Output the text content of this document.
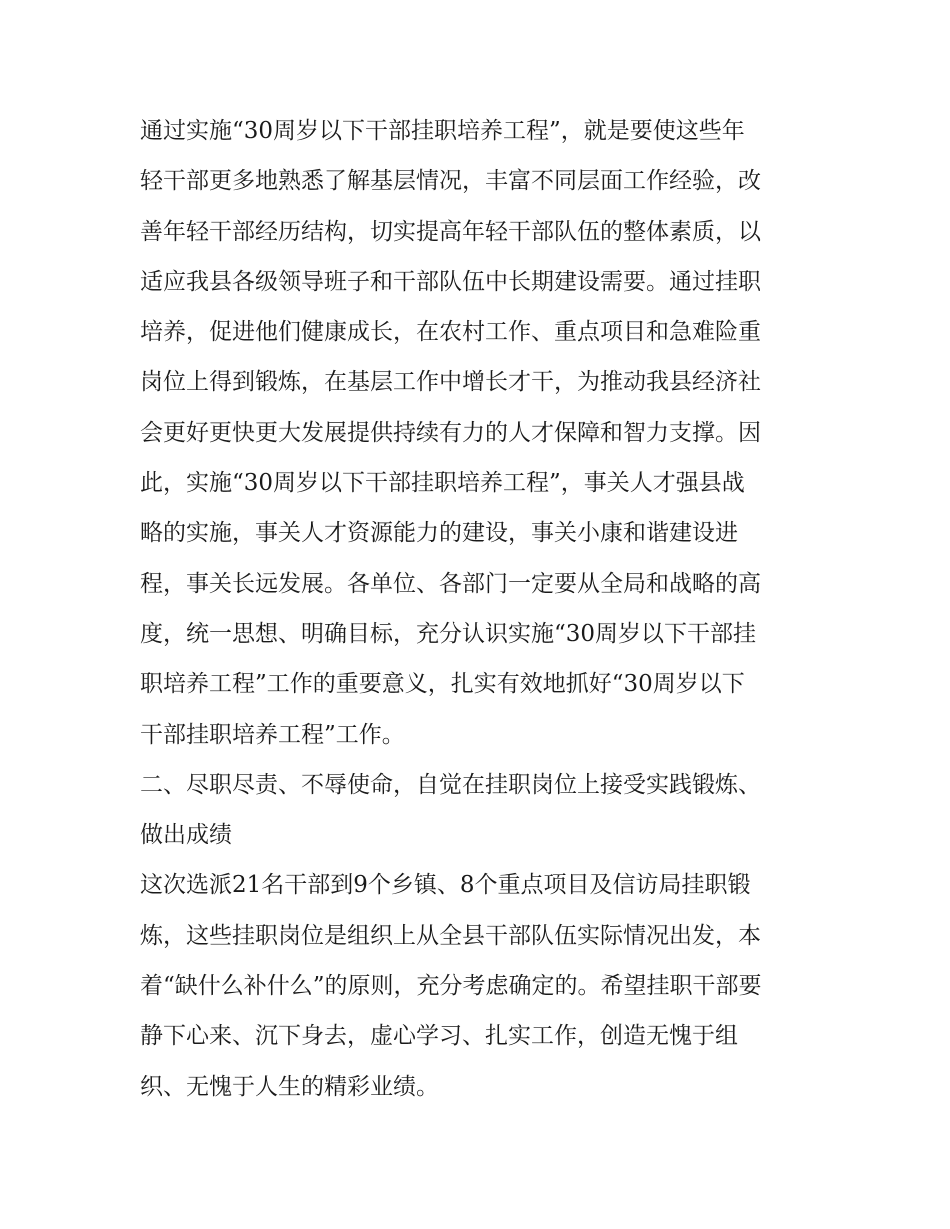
通过实施“30周岁以下干部挂职培养工程”，就是要使这些年
轻干部更多地熟悉了解基层情况，丰富不同层面工作经验，改
善年轻干部经历结构，切实提高年轻干部队伍的整体素质，以
适应我县各级领导班子和干部队伍中长期建设需要。通过挂职
培养，促进他们健康成长，在农村工作、重点项目和急难险重
岗位上得到锻炼，在基层工作中增长才干，为推动我县经济社
会更好更快更大发展提供持续有力的人才保障和智力支撑。因
此，实施“30周岁以下干部挂职培养工程”，事关人才强县战
略的实施，事关人才资源能力的建设，事关小康和谐建设进
程，事关长远发展。各单位、各部门一定要从全局和战略的高
度，统一思想、明确目标，充分认识实施“30周岁以下干部挂
职培养工程”工作的重要意义，扎实有效地抓好“30周岁以下
干部挂职培养工程”工作。
二、尽职尽责、不辱使命，自觉在挂职岗位上接受实践锻炼、
做出成绩
这次选派21名干部到9个乡镇、8个重点项目及信访局挂职锻
炼，这些挂职岗位是组织上从全县干部队伍实际情况出发，本
着“缺什么补什么”的原则，充分考虑确定的。希望挂职干部要
静下心来、沉下身去，虚心学习、扎实工作，创造无愧于组
织、无愧于人生的精彩业绩。
